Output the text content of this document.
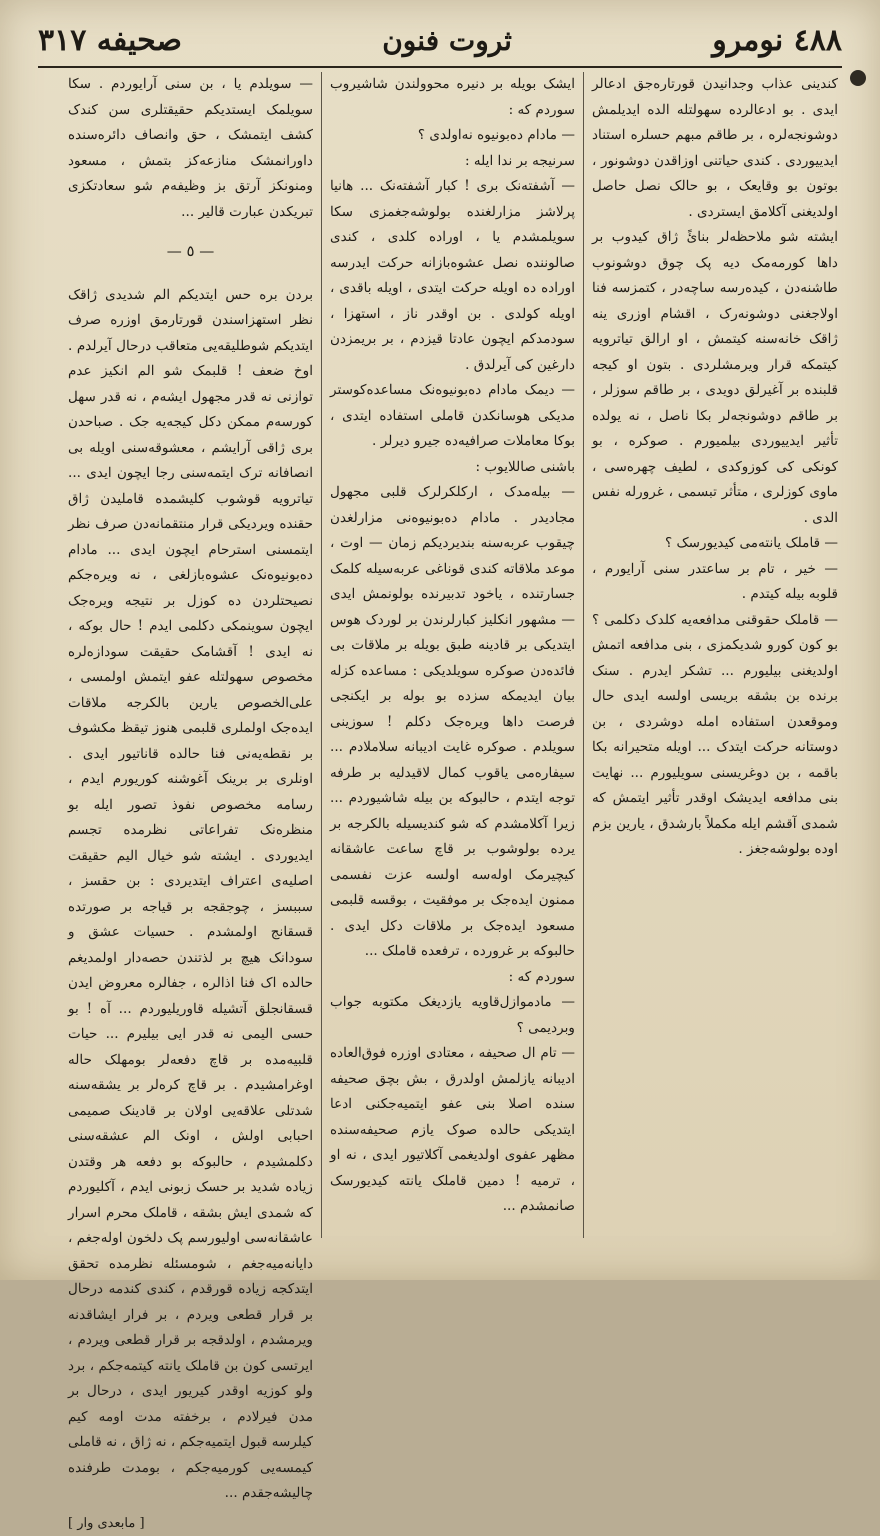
٤٨٨ نومرو
ثروت فنون
صحیفه ٣١٧

کندینی عذاب وجدانیدن قورتاره‌جق ادعالر ایدی . بو ادعالرده سهولتله الده ایدیلمش دوشونجه‌لره ، بر طاقم مبهم حسلره استناد ایدییوردی . کندی حیاتنی اوزاقدن دوشونور ، بوتون بو وقایعک ، بو حالک نصل حاصل اولدیغنی آکلامق ایستردی .

ایشته شو ملاحظه‌لر بنائً ژاق کیدوب بر داها کورمه‌مک دیه پک چوق دوشونوب طاشنه‌دن ، کیده‌رسه ساچه‌در ، کتمزسه فنا اولاجغنی دوشونه‌رک ، اقشام اوزری ینه ژاقک خانه‌سنه کیتمش ، او ارالق تیاترویه کیتمکه قرار ویرمشلردی . بتون او کیجه قلبنده بر آغیرلق دویدی ، بر طاقم سوزلر ، بر طاقم دوشونجه‌لر بکا ناصل ، نه یولده تأثیر ایدییوردی بیلمیورم . صوکره ، بو کونکی کی کوزوکدی ، لطیف چهره‌سی ، ماوی کوزلری ، متأثر تبسمی ، غرورله نفس الدی .

— قاملک یانته‌می کیدیورسک ؟

— خیر ، تام بر ساعتدر سنی آرایورم ، قلوبه بیله کیتدم .

— قاملک حقوقنی مدافعه‌یه کلدک دکلمی ؟ بو کون کورو شدیکمزی ، بنی مدافعه اتمش اولدیغنی بیلیورم ... تشکر ایدرم . سنک برنده بن بشقه بریسی اولسه ایدی حال وموقعدن استفاده امله دوشردی ، بن دوستانه حرکت ایتدک ... اویله متحیرانه بکا باقمه ، بن دوغریسنی سویلیورم ... نهایت بنی مدافعه ایدیشک اوقدر تأثیر ایتمش که شمدی آقشم ایله مکملاً بارشدق ، یارین بزم اوده بولوشه‌جغز .

ایشک بویله بر دنیره محوولندن شاشیروب سوردم که :

— مادام ده‌بونیوه نه‌اولدی ؟

سرنیجه بر ندا ایله :

— آشفته‌نک بری ! کبار آشفته‌نک ... هانیا پرلاشز مزارلغنده بولوشه‌جغمزی سکا سویلمشدم یا ، اوراده کلدی ، کندی صالوننده نصل عشوه‌بازانه حرکت ایدرسه اوراده ده اویله حرکت ایتدی ، اویله باقدی ، اویله کولدی . بن اوقدر ناز ، استهزا ، سودمدکم ایچون عادتا قیزدم ، بر بریمزدن دارغین کی آیرلدق .

— دیمک مادام ده‌بونیوه‌نک مساعده‌کوستر مدیکی هوسانکدن قاملی استفاده ایتدی ، بوکا معاملات صرافیه‌ده جیرو دیرلر .

باشنی صاللایوب :

— بیله‌مدک ، ارکلکرلرک قلبی مجهول مجادیدر . مادام ده‌بونیوه‌نی مزارلغدن چیقوب عربه‌سنه بندیردیکم زمان — اوت ، موعد ملاقاته کندی قوناغی عربه‌سیله کلمک جسارتنده ، یاخود تدبیرنده بولونمش ایدی — مشهور انکلیز کبارلرندن بر لوردک هوس ایتدیکی بر قادینه طبق بویله بر ملاقات بی فائده‌دن صوکره سویلدیکی : مساعده کزله بیان ایدیمکه سزده بو بوله بر ایکنجی فرصت داها ویره‌جک دکلم ! سوزینی سویلدم . صوکره غایت ادیبانه سلاملادم ... سیفاره‌می یاقوب کمال لاقیدلیه بر طرفه توجه ایتدم ، حالبوکه بن بیله شاشیوردم ... زیرا آکلامشدم که شو کندیسیله بالکرجه بر یرده بولوشوب بر قاچ ساعت عاشقانه کیچیرمک اوله‌سه اولسه عزت نفسمی ممنون ایده‌جک بر موفقیت ، بوقسه قلبمی مسعود ایده‌جک بر ملاقات دکل ایدی . حالبوکه بر غرورده ، ترفعده قاملک ...

سوردم که :

— مادموازل‌قاویه یازدیغک مکتوبه جواب وبردیمی ؟

— تام ال صحیفه ، معتادی اوزره فوق‌العاده ادیبانه یازلمش اولدرق ، بش بچق صحیفه سنده اصلا بنی عفو ایتمیه‌جکنی ادعا ایتدیکی حالده صوک یازم صحیفه‌سنده مظهر عفوی اولدیغمی آکلاتیور ایدی ، نه او ، ترمیه ! دمین قاملک یانته کیدیورسک صانمشدم ...

— سویلدم یا ، بن سنی آرایوردم . سکا سویلمک ایستدیکم حقیقتلری سن کندک کشف ایتمشک ، حق وانصاف دائره‌سنده داورانمشک منازعه‌کز بتمش ، مسعود ومنونکز آرتق بز وظیفه‌م شو سعادتکزی تبریکدن عبارت قالیر ...

— ٥ —

بردن بره حس ایتدیکم الم شدیدی ژاقک نظر استهزاسندن قورتارمق اوزره صرف ایتدیکم شوطلیقه‌یی متعاقب درحال آیرلدم . اوخ ضعف ! قلبمک شو الم انکیز عدم توازنی نه قدر مجهول ایشه‌م ، نه قدر سهل کورسه‌م ممکن دکل کیجه‌یه جک . صباحدن بری ژاقی آرایشم ، معشوقه‌سنی اویله بی انصافانه ترک ایتمه‌سنی رجا ایچون ایدی ... تیاترویه قوشوب کلیشمده قاملیدن ژاق حقنده ویردیکی قرار منتقمانه‌دن صرف نظر ایتمسنی استرحام ایچون ایدی ... مادام ده‌بونیوه‌نک عشوه‌بازلغی ، نه ویره‌جکم نصیحتلردن ده کوزل بر نتیجه ویره‌جک ایچون سوینمکی دکلمی ایدم ! حال بوکه ، نه ایدی ! آقشامک حقیقت سودازه‌لره مخصوص سهولتله عفو ایتمش اولمسی ، علی‌الخصوص یارین بالکرجه ملاقات ایده‌جک اولملری قلبمی هنوز تیقظ مکشوف بر نقطه‌یه‌نی فنا حالده قاناتیور ایدی . اونلری بر برینک آغوشنه کوریورم ایدم ، رسامه مخصوص نفوذ تصور ایله بو منظره‌نک تفراعاتی نظرمده تجسم ایدیوردی . ایشته شو خیال الیم حقیقت اصلیه‌ی اعتراف ایتدیردی : بن حقسز ، سببسز ، چوجقجه بر قیاجه بر صورتده قسقانج اولمشدم . حسیات عشق و سودانک هیچ بر لذتندن حصه‌دار اولمدیغم حالده اک فنا اذالره ، جفالره معروض ایدن قسقانجلق آتشیله قاوریلیوردم ... آه ! بو حسی الیمی نه قدر ایی بیلیرم ... حیات قلبیه‌مده بر قاچ دفعه‌لر بومهلک حاله اوغرامشیدم . بر قاچ کره‌لر بر یشقه‌سنه شدتلی علاقه‌یی اولان بر قادینک صمیمی احبابی اولش ، اونک الم عشقه‌سنی دکلمشیدم ، حالبوکه بو دفعه هر وقتدن زیاده شدید بر حسک زبونی ایدم ، آکلیوردم که شمدی ایش بشقه ، قاملک محرم اسرار عاشقانه‌سی اولیورسم پک دلخون اوله‌جغم ، دایانه‌میه‌جغم ، شومسئله نظرمده تحقق ایتدکجه زیاده قورقدم ، کندی کندمه درحال بر قرار قطعی ویردم ، بر فرار ایشاقدنه ویرمشدم ، اولدقجه بر قرار قطعی ویردم ، ایرتسی کون بن قاملک یانته کیتمه‌جکم ، برد ولو کوزیه اوقدر کیریور ایدی ، درحال بر مدن فیرلادم ، برخفته مدت اومه کیم کیلرسه قبول ایتمیه‌جکم ، نه ژاق ، نه قاملی کیمسه‌یی کورمیه‌جکم ، بومدت طرفنده چالیشه‌جقدم ...

[ مابعدی وار ]
